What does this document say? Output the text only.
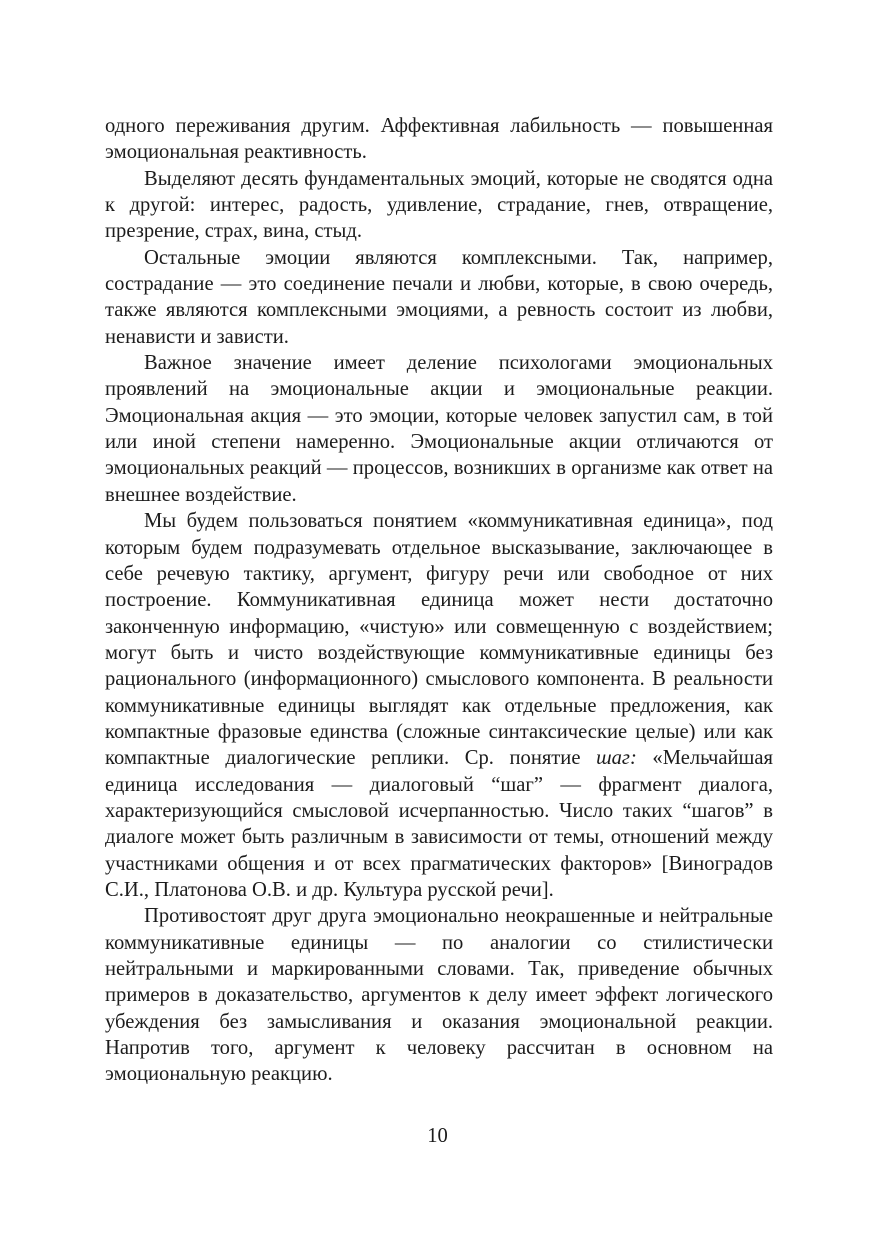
одного переживания другим. Аффективная лабильность — повышенная эмоциональная реактивность.
Выделяют десять фундаментальных эмоций, которые не сводятся одна к другой: интерес, радость, удивление, страдание, гнев, отвращение, презрение, страх, вина, стыд.
Остальные эмоции являются комплексными. Так, например, сострадание — это соединение печали и любви, которые, в свою очередь, также являются комплексными эмоциями, а ревность состоит из любви, ненависти и зависти.
Важное значение имеет деление психологами эмоциональных проявлений на эмоциональные акции и эмоциональные реакции. Эмоциональная акция — это эмоции, которые человек запустил сам, в той или иной степени намеренно. Эмоциональные акции отличаются от эмоциональных реакций — процессов, возникших в организме как ответ на внешнее воздействие.
Мы будем пользоваться понятием «коммуникативная единица», под которым будем подразумевать отдельное высказывание, заключающее в себе речевую тактику, аргумент, фигуру речи или свободное от них построение. Коммуникативная единица может нести достаточно законченную информацию, «чистую» или совмещенную с воздействием; могут быть и чисто воздействующие коммуникативные единицы без рационального (информационного) смыслового компонента. В реальности коммуникативные единицы выглядят как отдельные предложения, как компактные фразовые единства (сложные синтаксические целые) или как компактные диалогические реплики. Ср. понятие шаг: «Мельчайшая единица исследования — диалоговый “шаг” — фрагмент диалога, характеризующийся смысловой исчерпанностью. Число таких “шагов” в диалоге может быть различным в зависимости от темы, отношений между участниками общения и от всех прагматических факторов» [Виноградов С.И., Платонова О.В. и др. Культура русской речи].
Противостоят друг друга эмоционально неокрашенные и нейтральные коммуникативные единицы — по аналогии со стилистически нейтральными и маркированными словами. Так, приведение обычных примеров в доказательство, аргументов к делу имеет эффект логического убеждения без замысливания и оказания эмоциональной реакции. Напротив того, аргумент к человеку рассчитан в основном на эмоциональную реакцию.
10
